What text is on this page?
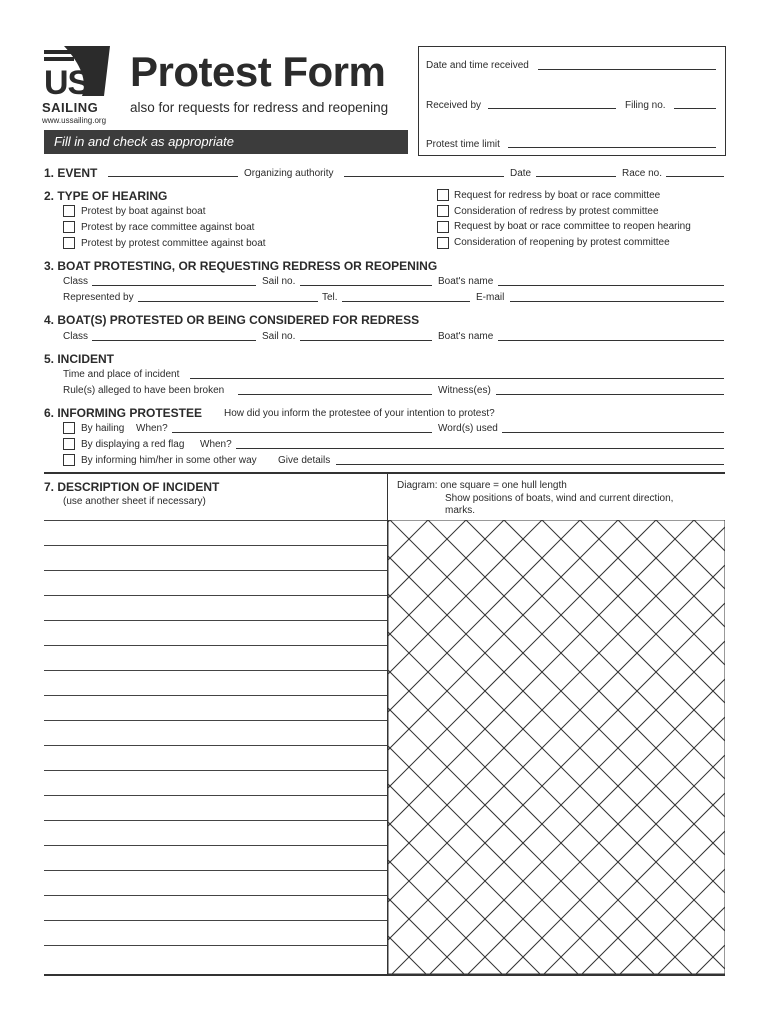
US
SAILING
www.ussailing.org
Protest Form
also for requests for redress and reopening
Fill in and check as appropriate
Date and time received
Received by	Filing no.
Protest time limit
1. EVENT	Organizing authority	Date	Race no.
2. TYPE OF HEARING
Protest by boat against boat
Protest by race committee against boat
Protest by protest committee against boat
Request for redress by boat or race committee
Consideration of redress by protest committee
Request by boat or race committee to reopen hearing
Consideration of reopening by protest committee
3. BOAT PROTESTING, OR REQUESTING REDRESS OR REOPENING
Class	Sail no.	Boat's name
Represented by	Tel.	E-mail
4. BOAT(S) PROTESTED OR BEING CONSIDERED FOR REDRESS
Class	Sail no.	Boat's name
5. INCIDENT
Time and place of incident
Rule(s) alleged to have been broken	Witness(es)
6. INFORMING PROTESTEE How did you inform the protestee of your intention to protest?
By hailing When?	Word(s) used
By displaying a red flag When?
By informing him/her in some other way Give details
7. DESCRIPTION OF INCIDENT
(use another sheet if necessary)
Diagram: one square = one hull length
Show positions of boats, wind and current direction,
marks.
